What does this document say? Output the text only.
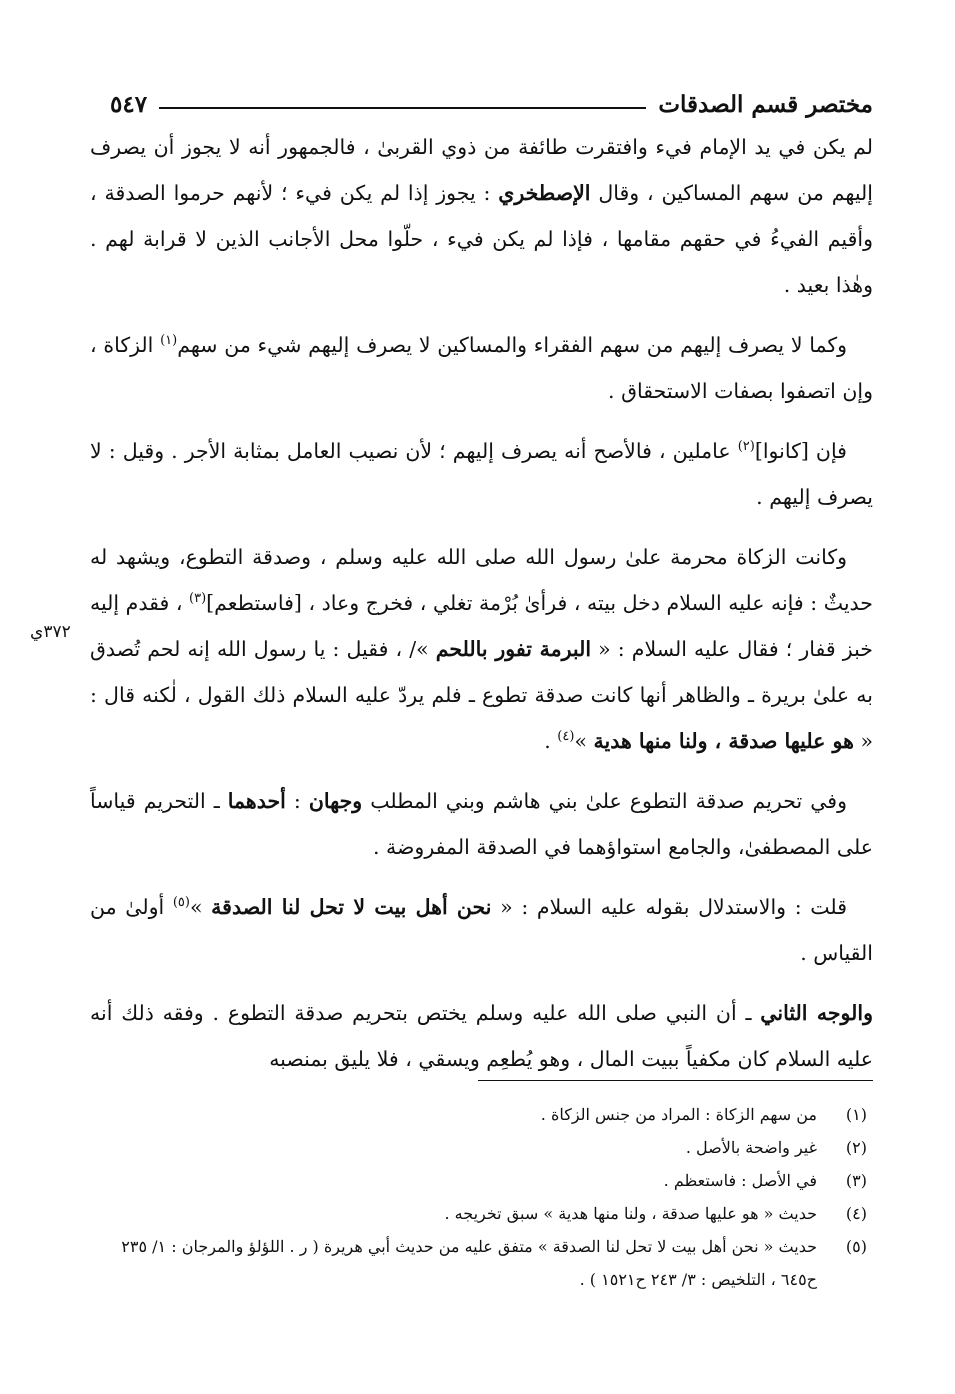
مختصر قسم الصدقات
٥٤٧
٣٧٢ي

لم يكن في يد الإمام فيء وافتقرت طائفة من ذوي القربىٰ ، فالجمهور أنه لا يجوز أن يصرف إليهم من سهم المساكين ، وقال الإصطخري : يجوز إذا لم يكن فيء ؛ لأنهم حرموا الصدقة ، وأقيم الفيءُ في حقهم مقامها ، فإذا لم يكن فيء ، حلّوا محل الأجانب الذين لا قرابة لهم . وهٰذا بعيد .

وكما لا يصرف إليهم من سهم الفقراء والمساكين لا يصرف إليهم شيء من سهم$^{(١)}$ الزكاة ، وإن اتصفوا بصفات الاستحقاق .

فإن [كانوا]$^{(٢)}$ عاملين ، فالأصح أنه يصرف إليهم ؛ لأن نصيب العامل بمثابة الأجر . وقيل : لا يصرف إليهم .

وكانت الزكاة محرمة علىٰ رسول الله صلى الله عليه وسلم ، وصدقة التطوع، ويشهد له حديثٌ : فإنه عليه السلام دخل بيته ، فرأىٰ بُرْمة تغلي ، فخرج وعاد ، [فاستطعم]$^{(٣)}$ ، فقدم إليه خبز قفار ؛ فقال عليه السلام : « البرمة تفور باللحم »/ ، فقيل : يا رسول الله إنه لحم تُصدق به علىٰ بريرة ـ والظاهر أنها كانت صدقة تطوع ـ فلم يردّ عليه السلام ذلك القول ، لٰكنه قال : « هو عليها صدقة ، ولنا منها هدية »$^{(٤)}$ .

وفي تحريم صدقة التطوع علىٰ بني هاشم وبني المطلب وجهان : أحدهما ـ التحريم قياساً على المصطفىٰ، والجامع استواؤهما في الصدقة المفروضة .

قلت : والاستدلال بقوله عليه السلام : « نحن أهل بيت لا تحل لنا الصدقة »$^{(٥)}$ أولىٰ من القياس .

والوجه الثاني ـ أن النبي صلى الله عليه وسلم يختص بتحريم صدقة التطوع . وفقه ذلك أنه عليه السلام كان مكفياً ببيت المال ، وهو يُطعِم ويسقي ، فلا يليق بمنصبه

(١)
من سهم الزكاة : المراد من جنس الزكاة .
(٢)
غير واضحة بالأصل .
(٣)
في الأصل : فاستعظم .
(٤)
حديث « هو عليها صدقة ، ولنا منها هدية » سبق تخريجه .
(٥)
حديث « نحن أهل بيت لا تحل لنا الصدقة » متفق عليه من حديث أبي هريرة ( ر . اللؤلؤ والمرجان : ١/ ٢٣٥ ح٦٤٥ ، التلخيص : ٣/ ٢٤٣ ح١٥٢١ ) .
